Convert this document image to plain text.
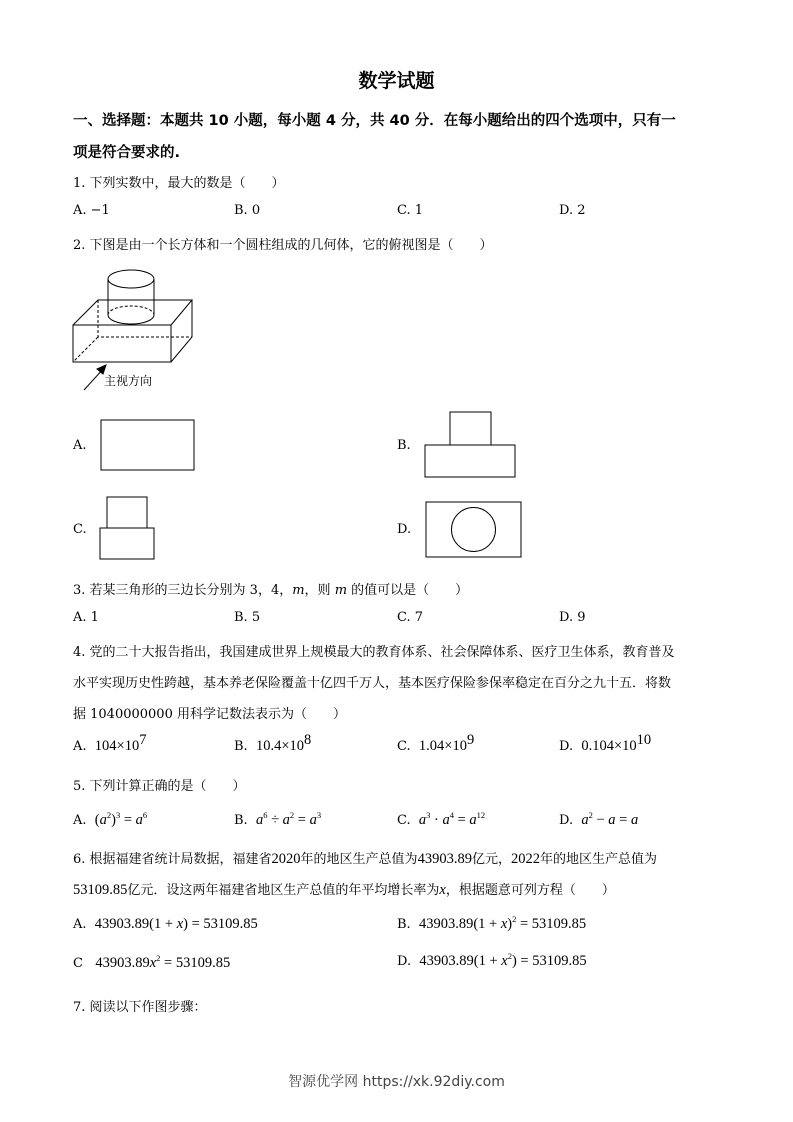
数学试题
一、选择题：本题共 10 小题，每小题 4 分，共 40 分．在每小题给出的四个选项中，只有一
项是符合要求的.
1. 下列实数中，最大的数是（　　）
A. −1	B. 0	C. 1	D. 2
2. 下图是由一个长方体和一个圆柱组成的几何体，它的俯视图是（　　）
主视方向
A.	B.
C.	D.
3. 若某三角形的三边长分别为 3，4，m，则 m 的值可以是（　　）
A. 1	B. 5	C. 7	D. 9
4. 党的二十大报告指出，我国建成世界上规模最大的教育体系、社会保障体系、医疗卫生体系，教育普及
水平实现历史性跨越，基本养老保险覆盖十亿四千万人，基本医疗保险参保率稳定在百分之九十五．将数
据 1040000000 用科学记数法表示为（　　）
A. $104\times 10^7$	B. $10.4\times 10^8$	C. $1.04\times 10^9$	D. $0.104\times 10^{10}$
5. 下列计算正确的是（　　）
A. $(a^2)^3 = a^6$	B. $a^6 \div a^2 = a^3$	C. $a^3 \cdot a^4 = a^{12}$	D. $a^2 - a = a$
6. 根据福建省统计局数据，福建省2020年的地区生产总值为43903.89亿元，2022年的地区生产总值为
53109.85亿元．设这两年福建省地区生产总值的年平均增长率为x，根据题意可列方程（　　）
A. 43903.89(1 + x) = 53109.85	B. $43903.89(1 + x)^2 = 53109.85$
C $43903.89x^2 = 53109.85$	D. $43903.89(1 + x^2) = 53109.85$
7. 阅读以下作图步骤：
智源优学网 https://xk.92diy.com
